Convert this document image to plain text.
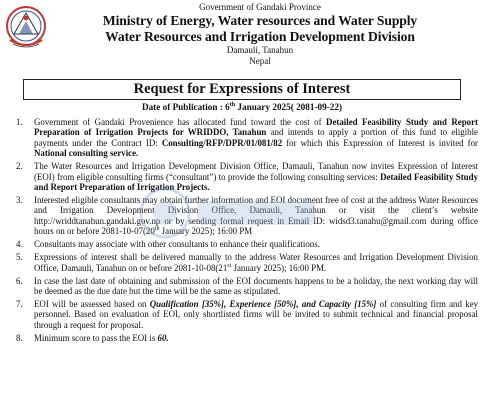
Government of Gandaki Province
Ministry of Energy, Water resources and Water Supply
Water Resources and Irrigation Development Division
Damauli, Tanahun
Nepal
Request for Expressions of Interest
Date of Publication : 6th January 2025( 2081-09-22)
1. Government of Gandaki Provenience has allocated fund toward the cost of Detailed Feasibility Study and Report Preparation of Irrigation Projects for WRIDDO, Tanahun and intends to apply a portion of this fund to eligible payments under the Contract ID: Consulting/RFP/DPR/01/081/82 for which this Expression of Interest is invited for National consulting service.
2. The Water Resources and Irrigation Development Division Office, Damauli, Tanahun now invites Expression of Interest (EOI) from eligible consulting firms (“consultant”) to provide the following consulting services: Detailed Feasibility Study and Report Preparation of Irrigation Projects.
3. Interested eligible consultants may obtain further information and EOI document free of cost at the address Water Resources and Irrigation Development Division Office, Damauli, Tanahun or visit the client’s website http://wriddtanahun.gandaki.gov.np or by sending formal request in Email ID: widsd3.tanahu@gmail.com during office hours on or before 2081-10-07(20th January 2025); 16:00 PM
4. Consultants may associate with other consultants to enhance their qualifications.
5. Expressions of interest shall be delivered manually to the address Water Resources and Irrigation Development Division Office, Damauli, Tanahun on or before 2081-10-08(21st January 2025); 16:00 PM.
6. In case the last date of obtaining and submission of the EOI documents happens to be a holiday, the next working day will be deemed as the due date but the time will be the same as stipulated.
7. EOI will be assessed based on Qualification [35%], Experience [50%], and Capacity [15%] of consulting firm and key personnel. Based on evaluation of EOI, only shortlisted firms will be invited to submit technical and financial proposal through a request for proposal.
8. Minimum score to pass the EOI is 60.
